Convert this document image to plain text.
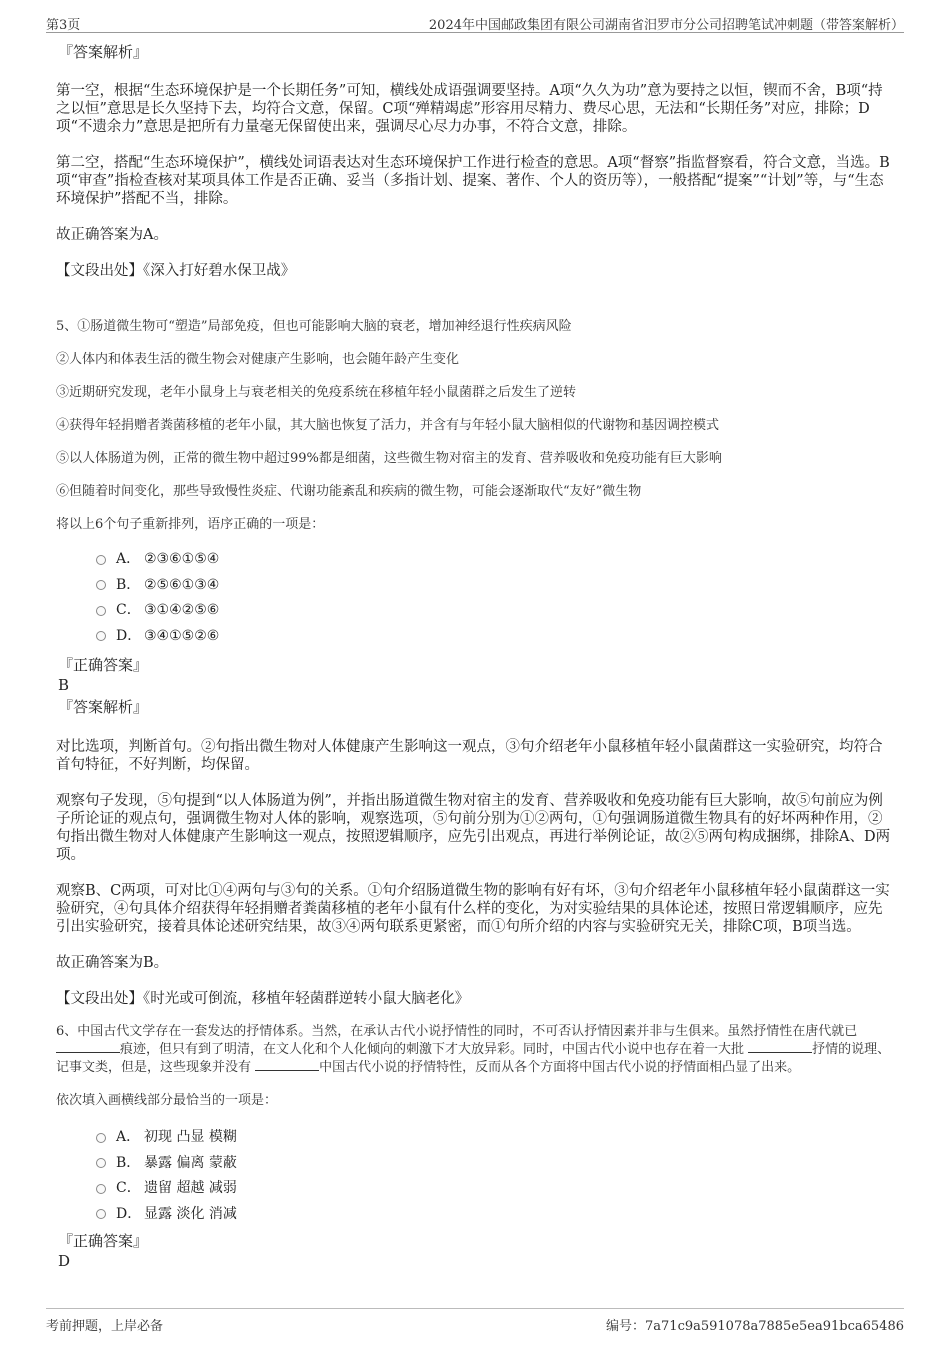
第3页	2024年中国邮政集团有限公司湖南省汨罗市分公司招聘笔试冲刺题（带答案解析）

『答案解析』

第一空，根据“生态环境保护是一个长期任务”可知，横线处成语强调要坚持。A项“久久为功”意为要持之以恒，锲而不舍，B项“持之以恒”意思是长久坚持下去，均符合文意，保留。C项“殚精竭虑”形容用尽精力、费尽心思，无法和“长期任务”对应，排除；D项“不遗余力”意思是把所有力量毫无保留使出来，强调尽心尽力办事，不符合文意，排除。

第二空，搭配“生态环境保护”，横线处词语表达对生态环境保护工作进行检查的意思。A项“督察”指监督察看，符合文意，当选。B项“审查”指检查核对某项具体工作是否正确、妥当（多指计划、提案、著作、个人的资历等），一般搭配“提案”“计划”等，与“生态环境保护”搭配不当，排除。

故正确答案为A。

【文段出处】《深入打好碧水保卫战》

5、①肠道微生物可“塑造”局部免疫，但也可能影响大脑的衰老，增加神经退行性疾病风险

②人体内和体表生活的微生物会对健康产生影响，也会随年龄产生变化

③近期研究发现，老年小鼠身上与衰老相关的免疫系统在移植年轻小鼠菌群之后发生了逆转

④获得年轻捐赠者粪菌移植的老年小鼠，其大脑也恢复了活力，并含有与年轻小鼠大脑相似的代谢物和基因调控模式

⑤以人体肠道为例，正常的微生物中超过99%都是细菌，这些微生物对宿主的发育、营养吸收和免疫功能有巨大影响

⑥但随着时间变化，那些导致慢性炎症、代谢功能紊乱和疾病的微生物，可能会逐渐取代“友好”微生物

将以上6个句子重新排列，语序正确的一项是：

A． ②③⑥①⑤④
B． ②⑤⑥①③④
C． ③①④②⑤⑥
D． ③④①⑤②⑥

『正确答案』

B

『答案解析』

对比选项，判断首句。②句指出微生物对人体健康产生影响这一观点，③句介绍老年小鼠移植年轻小鼠菌群这一实验研究，均符合首句特征，不好判断，均保留。

观察句子发现，⑤句提到“以人体肠道为例”，并指出肠道微生物对宿主的发育、营养吸收和免疫功能有巨大影响，故⑤句前应为例子所论证的观点句，强调微生物对人体的影响，观察选项，⑤句前分别为①②两句，①句强调肠道微生物具有的好坏两种作用，②句指出微生物对人体健康产生影响这一观点，按照逻辑顺序，应先引出观点，再进行举例论证，故②⑤两句构成捆绑，排除A、D两项。

观察B、C两项，可对比①④两句与③句的关系。①句介绍肠道微生物的影响有好有坏，③句介绍老年小鼠移植年轻小鼠菌群这一实验研究，④句具体介绍获得年轻捐赠者粪菌移植的老年小鼠有什么样的变化，为对实验结果的具体论述，按照日常逻辑顺序，应先引出实验研究，接着具体论述研究结果，故③④两句联系更紧密，而①句所介绍的内容与实验研究无关，排除C项，B项当选。

故正确答案为B。

【文段出处】《时光或可倒流，移植年轻菌群逆转小鼠大脑老化》

6、中国古代文学存在一套发达的抒情体系。当然，在承认古代小说抒情性的同时，不可否认抒情因素并非与生俱来。虽然抒情性在唐代就已
痕迹，但只有到了明清，在文人化和个人化倾向的刺激下才大放异彩。同时，中国古代小说中也存在着一大批	抒情的说理、记事文类，但是，这些现象并没有	中国古代小说的抒情特性，反而从各个方面将中国古代小说的抒情面相凸显了出来。

依次填入画横线部分最恰当的一项是：

A． 初现 凸显 模糊
B． 暴露 偏离 蒙蔽
C． 遗留 超越 减弱
D． 显露 淡化 消减

『正确答案』

D

考前押题，上岸必备	编号：7a71c9a591078a7885e5ea91bca65486
